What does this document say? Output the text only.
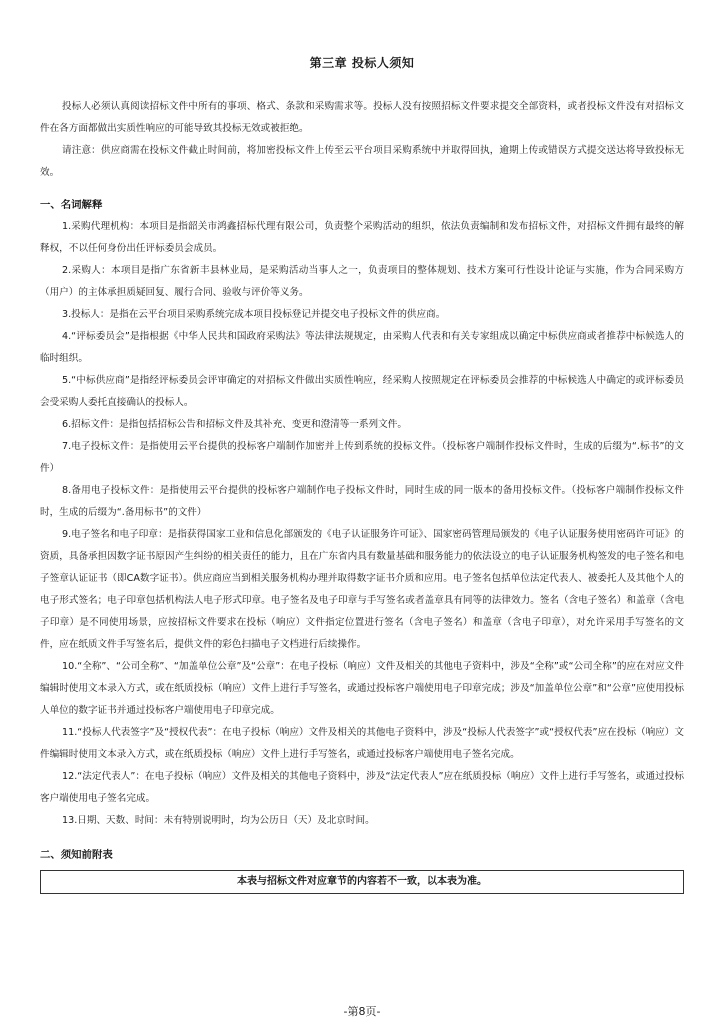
第三章 投标人须知

投标人必须认真阅读招标文件中所有的事项、格式、条款和采购需求等。投标人没有按照招标文件要求提交全部资料，或者投标文件没有对招标文件在各方面都做出实质性响应的可能导致其投标无效或被拒绝。

请注意：供应商需在投标文件截止时间前，将加密投标文件上传至云平台项目采购系统中并取得回执，逾期上传或错误方式提交送达将导致投标无效。

一、名词解释

1.采购代理机构：本项目是指韶关市鸿鑫招标代理有限公司，负责整个采购活动的组织，依法负责编制和发布招标文件，对招标文件拥有最终的解释权，不以任何身份出任评标委员会成员。

2.采购人：本项目是指广东省新丰县林业局，是采购活动当事人之一，负责项目的整体规划、技术方案可行性设计论证与实施，作为合同采购方（用户）的主体承担质疑回复、履行合同、验收与评价等义务。

3.投标人：是指在云平台项目采购系统完成本项目投标登记并提交电子投标文件的供应商。

4.“评标委员会”是指根据《中华人民共和国政府采购法》等法律法规规定，由采购人代表和有关专家组成以确定中标供应商或者推荐中标候选人的临时组织。

5.“中标供应商”是指经评标委员会评审确定的对招标文件做出实质性响应，经采购人按照规定在评标委员会推荐的中标候选人中确定的或评标委员会受采购人委托直接确认的投标人。

6.招标文件：是指包括招标公告和招标文件及其补充、变更和澄清等一系列文件。

7.电子投标文件：是指使用云平台提供的投标客户端制作加密并上传到系统的投标文件。（投标客户端制作投标文件时，生成的后缀为“.标书”的文件）

8.备用电子投标文件：是指使用云平台提供的投标客户端制作电子投标文件时，同时生成的同一版本的备用投标文件。（投标客户端制作投标文件时，生成的后缀为“.备用标书”的文件）

9.电子签名和电子印章：是指获得国家工业和信息化部颁发的《电子认证服务许可证》、国家密码管理局颁发的《电子认证服务使用密码许可证》的资质，具备承担因数字证书原因产生纠纷的相关责任的能力，且在广东省内具有数量基础和服务能力的依法设立的电子认证服务机构签发的电子签名和电子签章认证证书（即CA数字证书）。供应商应当到相关服务机构办理并取得数字证书介质和应用。电子签名包括单位法定代表人、被委托人及其他个人的电子形式签名；电子印章包括机构法人电子形式印章。电子签名及电子印章与手写签名或者盖章具有同等的法律效力。签名（含电子签名）和盖章（含电子印章）是不同使用场景，应按招标文件要求在投标（响应）文件指定位置进行签名（含电子签名）和盖章（含电子印章），对允许采用手写签名的文件，应在纸质文件手写签名后，提供文件的彩色扫描电子文档进行后续操作。

10.“全称”、“公司全称”、“加盖单位公章”及“公章”：在电子投标（响应）文件及相关的其他电子资料中，涉及“全称”或“公司全称”的应在对应文件编辑时使用文本录入方式，或在纸质投标（响应）文件上进行手写签名，或通过投标客户端使用电子印章完成；涉及“加盖单位公章”和“公章”应使用投标人单位的数字证书并通过投标客户端使用电子印章完成。

11.“投标人代表签字”及“授权代表”：在电子投标（响应）文件及相关的其他电子资料中，涉及“投标人代表签字”或“授权代表”应在投标（响应）文件编辑时使用文本录入方式，或在纸质投标（响应）文件上进行手写签名，或通过投标客户端使用电子签名完成。

12.“法定代表人”：在电子投标（响应）文件及相关的其他电子资料中，涉及“法定代表人”应在纸质投标（响应）文件上进行手写签名，或通过投标客户端使用电子签名完成。

13.日期、天数、时间：未有特别说明时，均为公历日（天）及北京时间。

二、须知前附表
本表与招标文件对应章节的内容若不一致，以本表为准。
-第8页-
